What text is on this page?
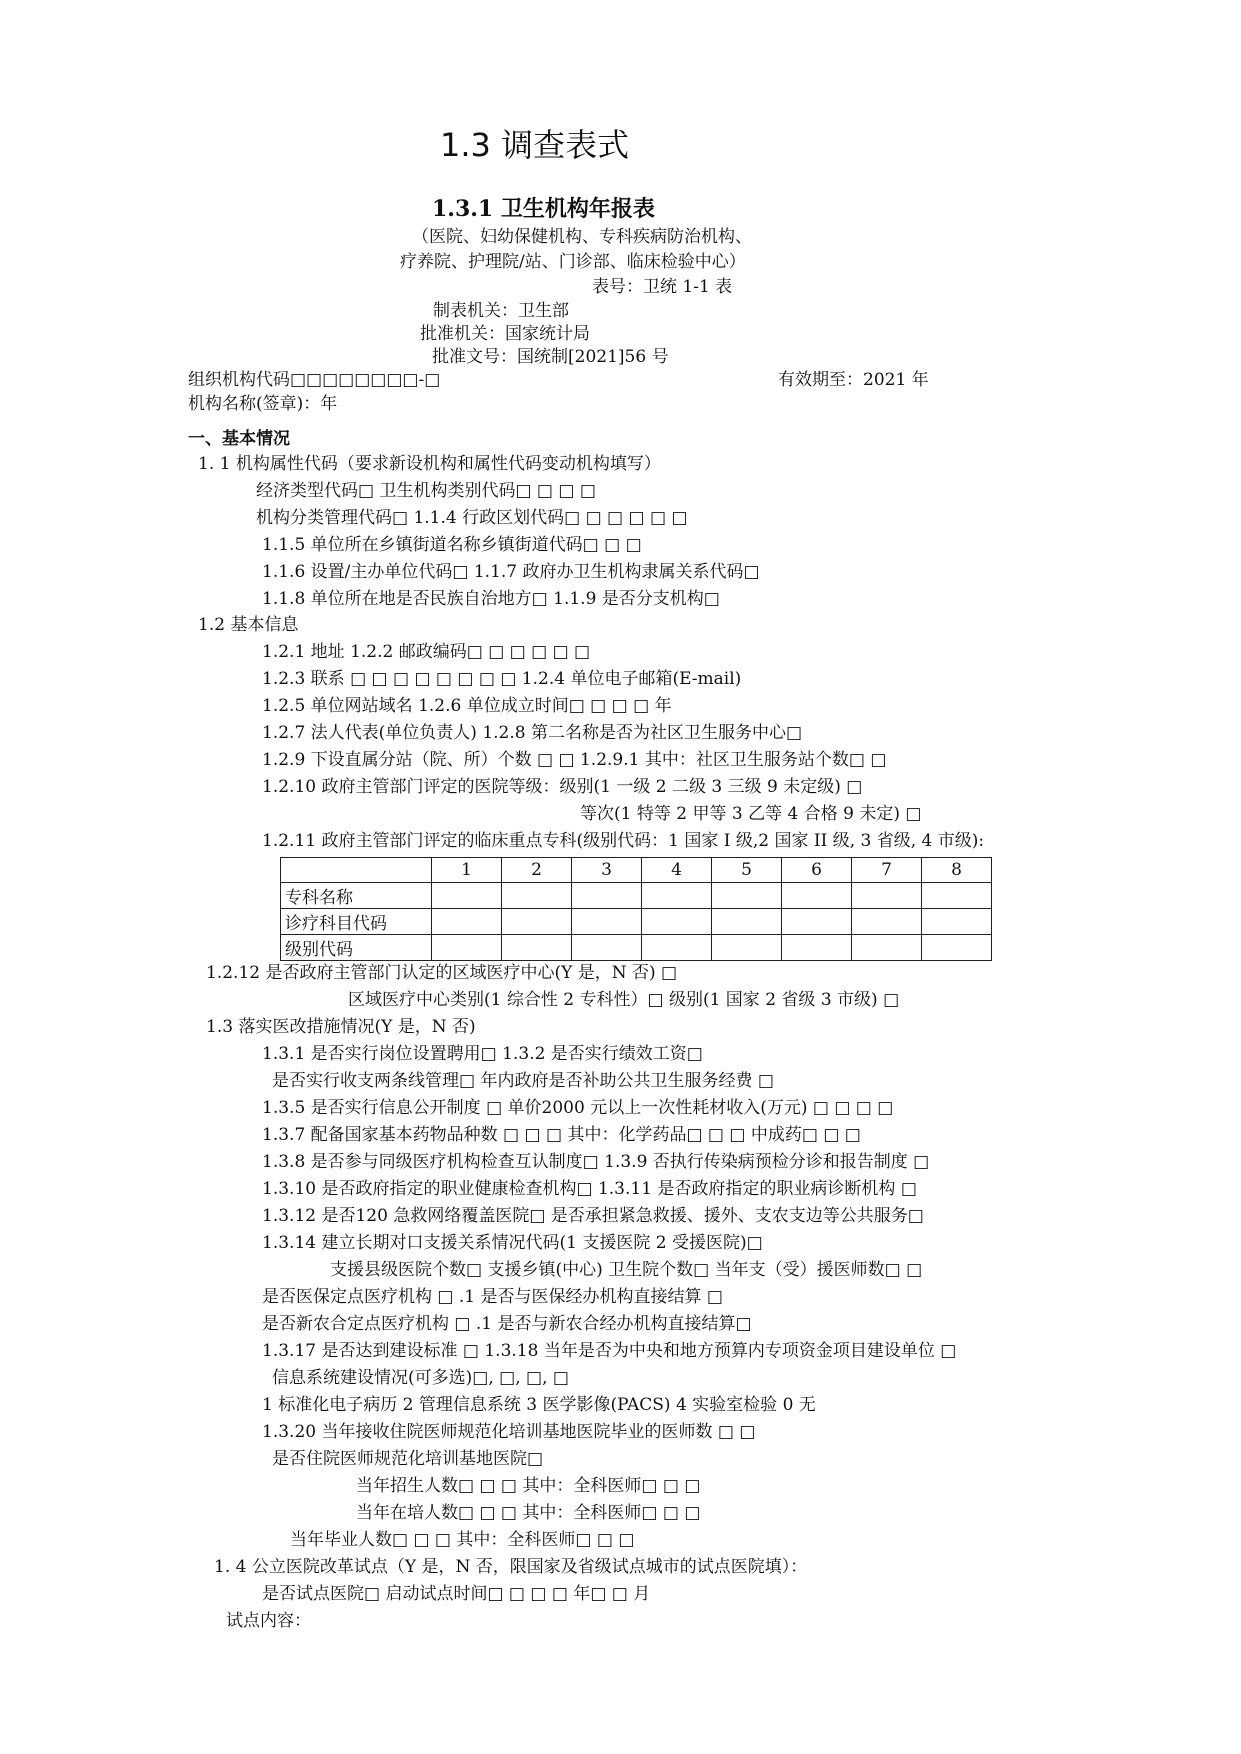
1.3 调查表式
1.3.1 卫生机构年报表
（医院、妇幼保健机构、专科疾病防治机构、
疗养院、护理院/站、门诊部、临床检验中心）
表号：卫统 1-1 表
制表机关：卫生部
批准机关：国家统计局
批准文号：国统制[2021]56 号
组织机构代码□□□□□□□□-□	有效期至：2021 年
机构名称(签章)：年
一、基本情况
1. 1 机构属性代码（要求新设机构和属性代码变动机构填写）
经济类型代码□ 卫生机构类别代码□ □ □ □
机构分类管理代码□ 1.1.4 行政区划代码□ □ □ □ □ □
1.1.5 单位所在乡镇街道名称乡镇街道代码□ □ □
1.1.6 设置/主办单位代码□ 1.1.7 政府办卫生机构隶属关系代码□
1.1.8 单位所在地是否民族自治地方□ 1.1.9 是否分支机构□
1.2 基本信息
1.2.1 地址 1.2.2 邮政编码□ □ □ □ □ □
1.2.3 联系 □ □ □ □ □ □ □ □ 1.2.4 单位电子邮箱(E-mail)
1.2.5 单位网站域名 1.2.6 单位成立时间□ □ □ □ 年
1.2.7 法人代表(单位负责人) 1.2.8 第二名称是否为社区卫生服务中心□
1.2.9 下设直属分站（院、所）个数 □ □ 1.2.9.1 其中：社区卫生服务站个数□ □
1.2.10 政府主管部门评定的医院等级：级别(1 一级 2 二级 3 三级 9 未定级) □
等次(1 特等 2 甲等 3 乙等 4 合格 9 未定) □
1.2.11 政府主管部门评定的临床重点专科(级别代码：1 国家 I 级,2 国家 II 级, 3 省级, 4 市级):
	1	2	3	4	5	6	7	8
专科名称								
诊疗科目代码								
级别代码								
1.2.12 是否政府主管部门认定的区域医疗中心(Y 是，N 否) □
区域医疗中心类别(1 综合性 2 专科性）□ 级别(1 国家 2 省级 3 市级) □
1.3 落实医改措施情况(Y 是，N 否)
1.3.1 是否实行岗位设置聘用□ 1.3.2 是否实行绩效工资□
是否实行收支两条线管理□ 年内政府是否补助公共卫生服务经费 □
1.3.5 是否实行信息公开制度 □ 单价2000 元以上一次性耗材收入(万元) □ □ □ □
1.3.7 配备国家基本药物品种数 □ □ □ 其中：化学药品□ □ □ 中成药□ □ □
1.3.8 是否参与同级医疗机构检查互认制度□ 1.3.9 否执行传染病预检分诊和报告制度 □
1.3.10 是否政府指定的职业健康检查机构□ 1.3.11 是否政府指定的职业病诊断机构 □
1.3.12 是否120 急救网络覆盖医院□ 是否承担紧急救援、援外、支农支边等公共服务□
1.3.14 建立长期对口支援关系情况代码(1 支援医院 2 受援医院)□
支援县级医院个数□ 支援乡镇(中心) 卫生院个数□ 当年支（受）援医师数□ □
是否医保定点医疗机构 □ .1 是否与医保经办机构直接结算 □
是否新农合定点医疗机构 □ .1 是否与新农合经办机构直接结算□
1.3.17 是否达到建设标准 □ 1.3.18 当年是否为中央和地方预算内专项资金项目建设单位 □
信息系统建设情况(可多选)□, □, □, □
1 标准化电子病历 2 管理信息系统 3 医学影像(PACS) 4 实验室检验 0 无
1.3.20 当年接收住院医师规范化培训基地医院毕业的医师数 □ □
是否住院医师规范化培训基地医院□
当年招生人数□ □ □ 其中：全科医师□ □ □
当年在培人数□ □ □ 其中：全科医师□ □ □
当年毕业人数□ □ □ 其中：全科医师□ □ □
1. 4 公立医院改革试点（Y 是，N 否，限国家及省级试点城市的试点医院填）：
是否试点医院□ 启动试点时间□ □ □ □ 年□ □ 月
试点内容：
